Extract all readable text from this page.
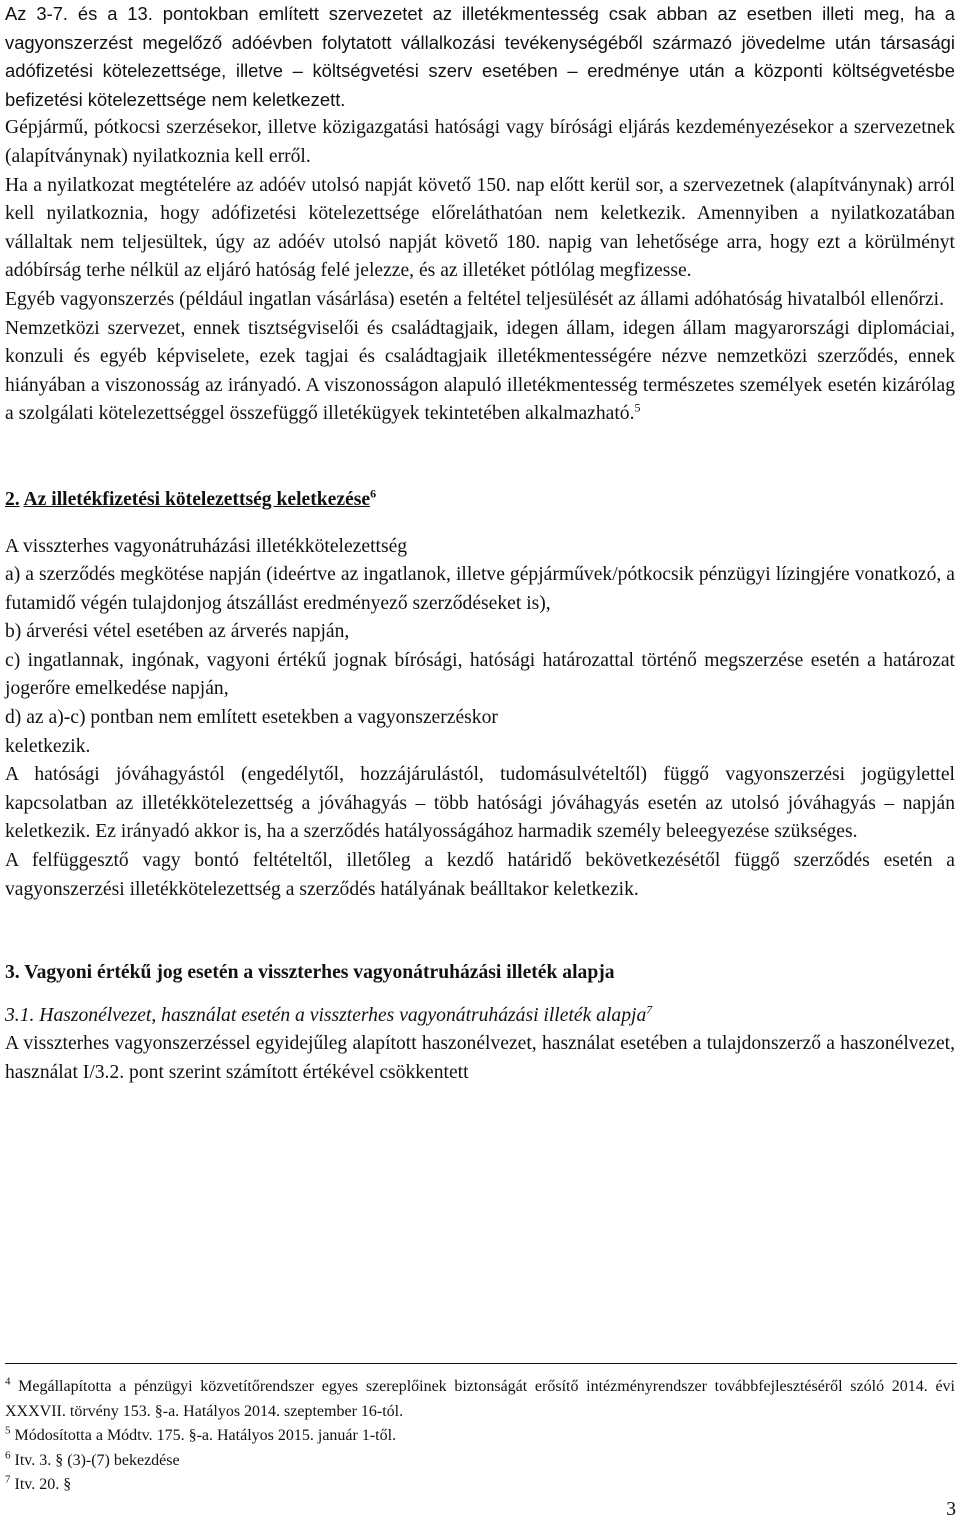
Az 3-7. és a 13. pontokban említett szervezetet az illetékmentesség csak abban az esetben illeti meg, ha a vagyonszerzést megelőző adóévben folytatott vállalkozási tevékenységéből származó jövedelme után társasági adófizetési kötelezettsége, illetve – költségvetési szerv esetében – eredménye után a központi költségvetésbe befizetési kötelezettsége nem keletkezett.

Gépjármű, pótkocsi szerzésekor, illetve közigazgatási hatósági vagy bírósági eljárás kezdeményezésekor a szervezetnek (alapítványnak) nyilatkoznia kell erről.

Ha a nyilatkozat megtételére az adóév utolsó napját követő 150. nap előtt kerül sor, a szervezetnek (alapítványnak) arról kell nyilatkoznia, hogy adófizetési kötelezettsége előreláthatóan nem keletkezik. Amennyiben a nyilatkozatában vállaltak nem teljesültek, úgy az adóév utolsó napját követő 180. napig van lehetősége arra, hogy ezt a körülményt adóbírság terhe nélkül az eljáró hatóság felé jelezze, és az illetéket pótlólag megfizesse.

Egyéb vagyonszerzés (például ingatlan vásárlása) esetén a feltétel teljesülését az állami adóhatóság hivatalból ellenőrzi.

Nemzetközi szervezet, ennek tisztségviselői és családtagjaik, idegen állam, idegen állam magyarországi diplomáciai, konzuli és egyéb képviselete, ezek tagjai és családtagjaik illetékmentességére nézve nemzetközi szerződés, ennek hiányában a viszonosság az irányadó. A viszonosságon alapuló illetékmentesség természetes személyek esetén kizárólag a szolgálati kötelezettséggel összefüggő illetékügyek tekintetében alkalmazható.$^5$

2. Az illetékfizetési kötelezettség keletkezése$^6$

A visszterhes vagyonátruházási illetékkötelezettség

a) a szerződés megkötése napján (ideértve az ingatlanok, illetve gépjárművek/pótkocsik pénzügyi lízingjére vonatkozó, a futamidő végén tulajdonjog átszállást eredményező szerződéseket is),

b) árverési vétel esetében az árverés napján,

c) ingatlannak, ingónak, vagyoni értékű jognak bírósági, hatósági határozattal történő megszerzése esetén a határozat jogerőre emelkedése napján,

d) az a)-c) pontban nem említett esetekben a vagyonszerzéskor

keletkezik.

A hatósági jóváhagyástól (engedélytől, hozzájárulástól, tudomásulvételtől) függő vagyonszerzési jogügylettel kapcsolatban az illetékkötelezettség a jóváhagyás – több hatósági jóváhagyás esetén az utolsó jóváhagyás – napján keletkezik. Ez irányadó akkor is, ha a szerződés hatályosságához harmadik személy beleegyezése szükséges.

A felfüggesztő vagy bontó feltételtől, illetőleg a kezdő határidő bekövetkezésétől függő szerződés esetén a vagyonszerzési illetékkötelezettség a szerződés hatályának beálltakor keletkezik.

3. Vagyoni értékű jog esetén a visszterhes vagyonátruházási illeték alapja
3.1. Haszonélvezet, használat esetén a visszterhes vagyonátruházási illeték alapja$^7$

A visszterhes vagyonszerzéssel egyidejűleg alapított haszonélvezet, használat esetében a tulajdonszerző a haszonélvezet, használat I/3.2. pont szerint számított értékével csökkentett

$^4$ Megállapította a pénzügyi közvetítőrendszer egyes szereplőinek biztonságát erősítő intézményrendszer továbbfejlesztéséről szóló 2014. évi XXXVII. törvény 153. §-a. Hatályos 2014. szeptember 16-tól.

$^5$ Módosította a Módtv. 175. §-a. Hatályos 2015. január 1-től.

$^6$ Itv. 3. § (3)-(7) bekezdése

$^7$ Itv. 20. §

3
